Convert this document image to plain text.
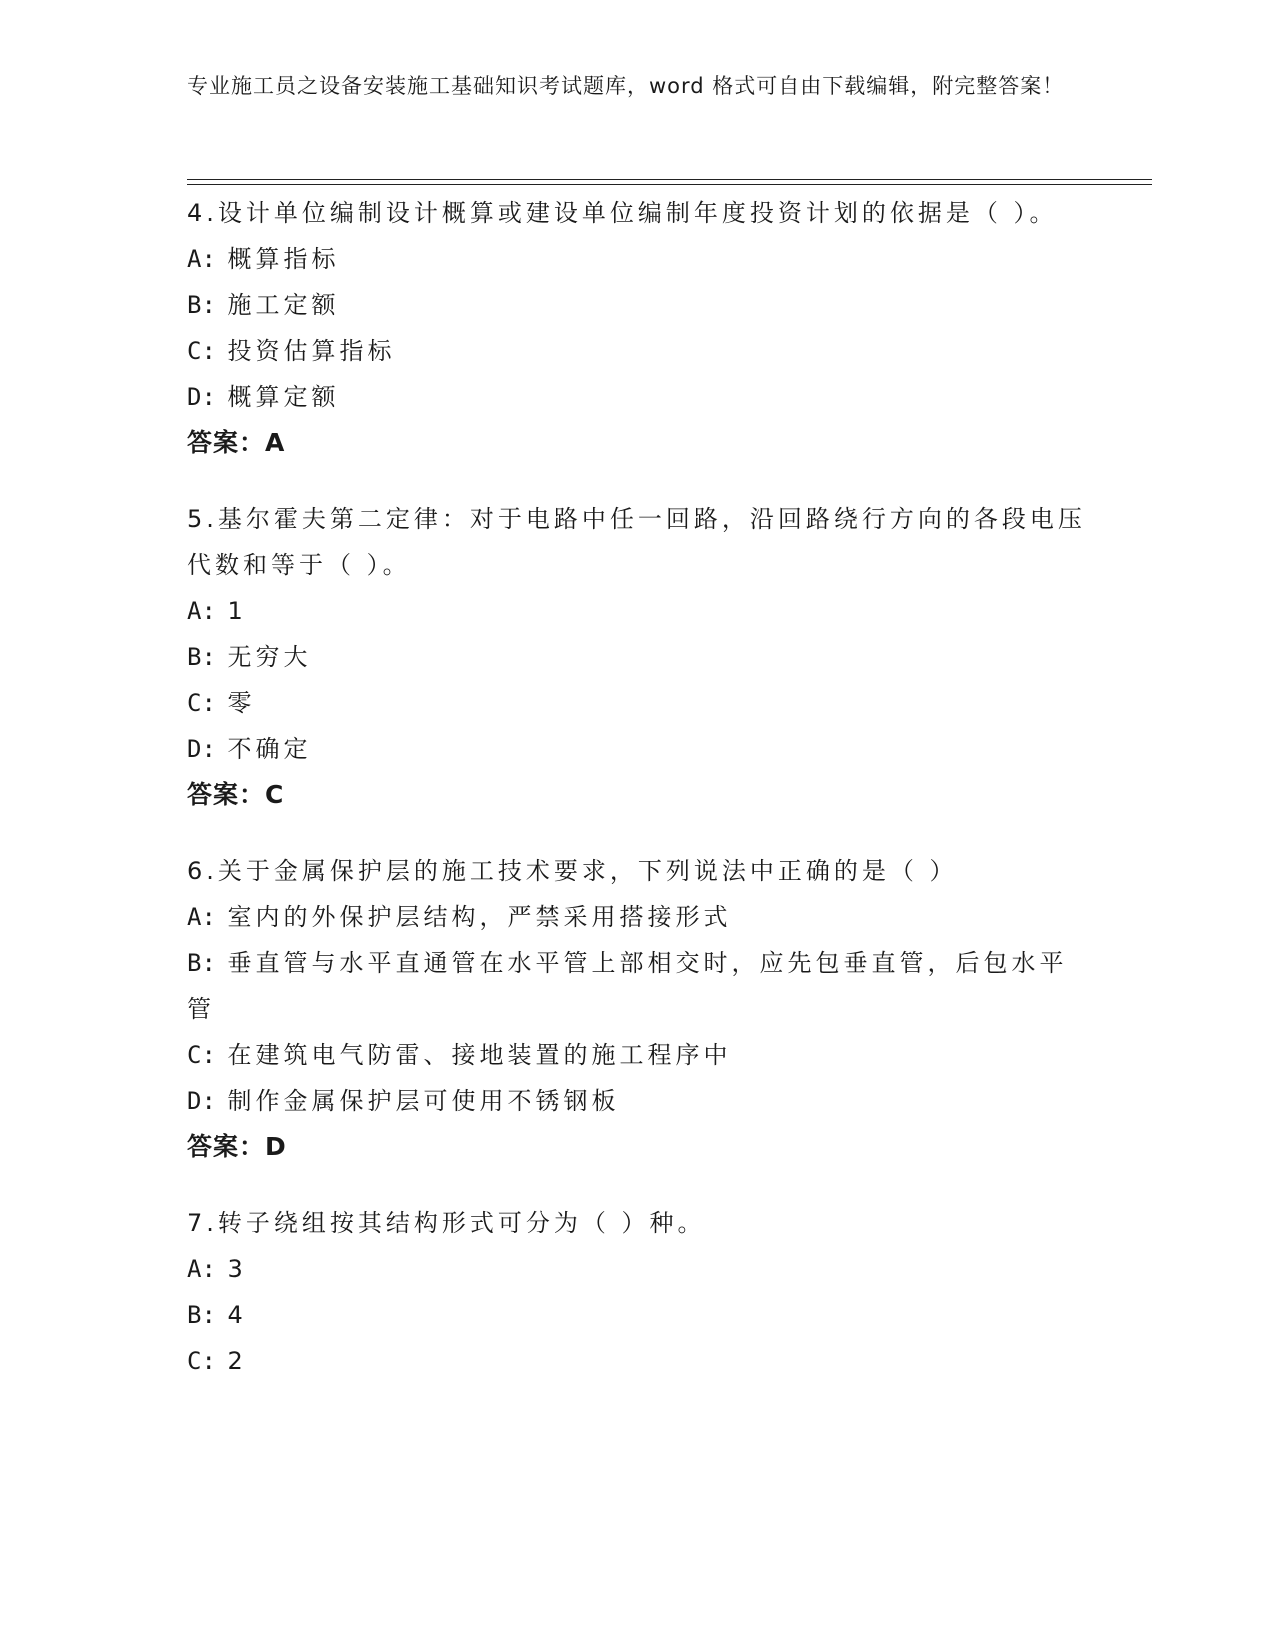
专业施工员之设备安装施工基础知识考试题库，word 格式可自由下载编辑，附完整答案！
4.设计单位编制设计概算或建设单位编制年度投资计划的依据是（ ）。
A: 概算指标
B: 施工定额
C: 投资估算指标
D: 概算定额
答案：A
5.基尔霍夫第二定律：对于电路中任一回路，沿回路绕行方向的各段电压代数和等于（ ）。
A: 1
B: 无穷大
C: 零
D: 不确定
答案：C
6.关于金属保护层的施工技术要求，下列说法中正确的是（ ）
A: 室内的外保护层结构，严禁采用搭接形式
B: 垂直管与水平直通管在水平管上部相交时，应先包垂直管，后包水平管
C: 在建筑电气防雷、接地装置的施工程序中
D: 制作金属保护层可使用不锈钢板
答案：D
7.转子绕组按其结构形式可分为（ ）种。
A: 3
B: 4
C: 2
